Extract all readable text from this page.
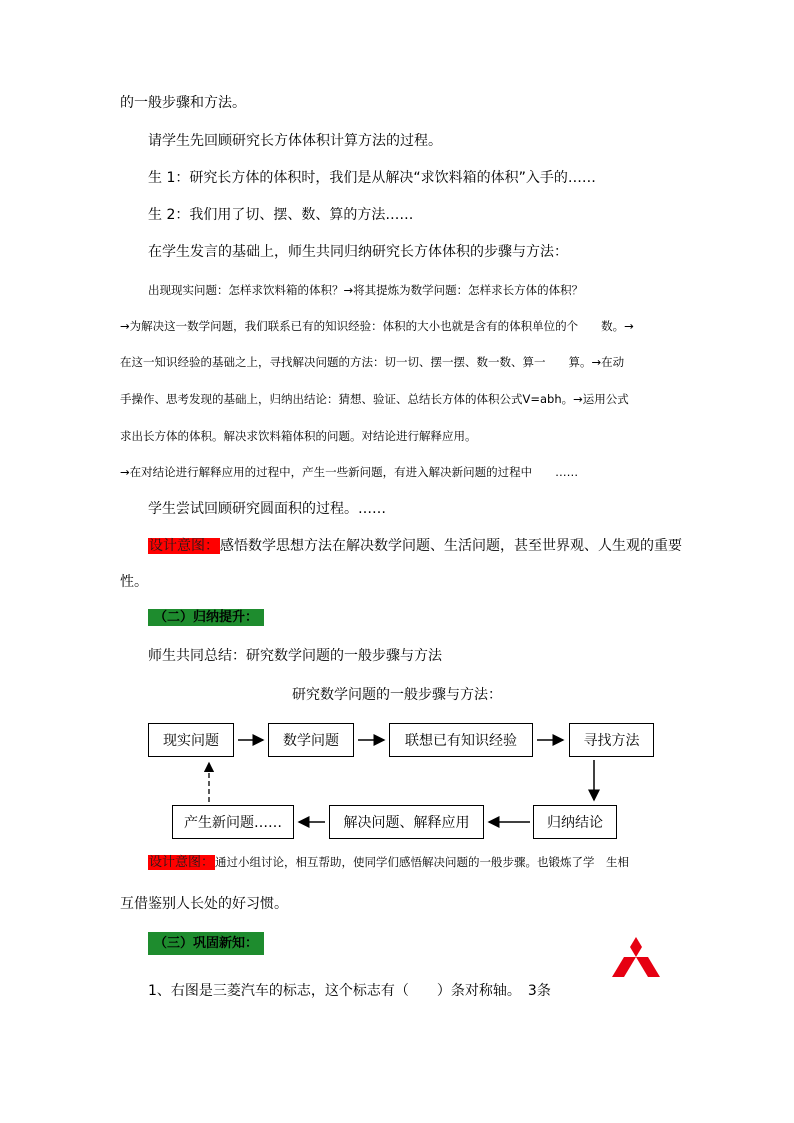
的一般步骤和方法。
请学生先回顾研究长方体体积计算方法的过程。
生 1：研究长方体的体积时，我们是从解决“求饮料箱的体积”入手的……
生 2：我们用了切、摆、数、算的方法……
在学生发言的基础上，师生共同归纳研究长方体体积的步骤与方法：
出现现实问题：怎样求饮料箱的体积？→将其提炼为数学问题：怎样求长方体的体积？
→为解决这一数学问题，我们联系已有的知识经验：体积的大小也就是含有的体积单位的个　　数。→
在这一知识经验的基础之上，寻找解决问题的方法：切一切、摆一摆、数一数、算一　　算。→在动
手操作、思考发现的基础上，归纳出结论：猜想、验证、总结长方体的体积公式V=abh。→运用公式
求出长方体的体积。解决求饮料箱体积的问题。对结论进行解释应用。
→在对结论进行解释应用的过程中，产生一些新问题，有进入解决新问题的过程中　　……
学生尝试回顾研究圆面积的过程。……
设计意图：感悟数学思想方法在解决数学问题、生活问题，甚至世界观、人生观的重要
性。
（二）归纳提升：
师生共同总结：研究数学问题的一般步骤与方法
研究数学问题的一般步骤与方法：
现实问题	数学问题	联想已有知识经验	寻找方法
归纳结论
解决问题、解释应用
产生新问题……
设计意图：通过小组讨论，相互帮助，使同学们感悟解决问题的一般步骤。也锻炼了学　生相
互借鉴别人长处的好习惯。
（三）巩固新知：
1、右图是三菱汽车的标志，这个标志有（　　）条对称轴。　3条
